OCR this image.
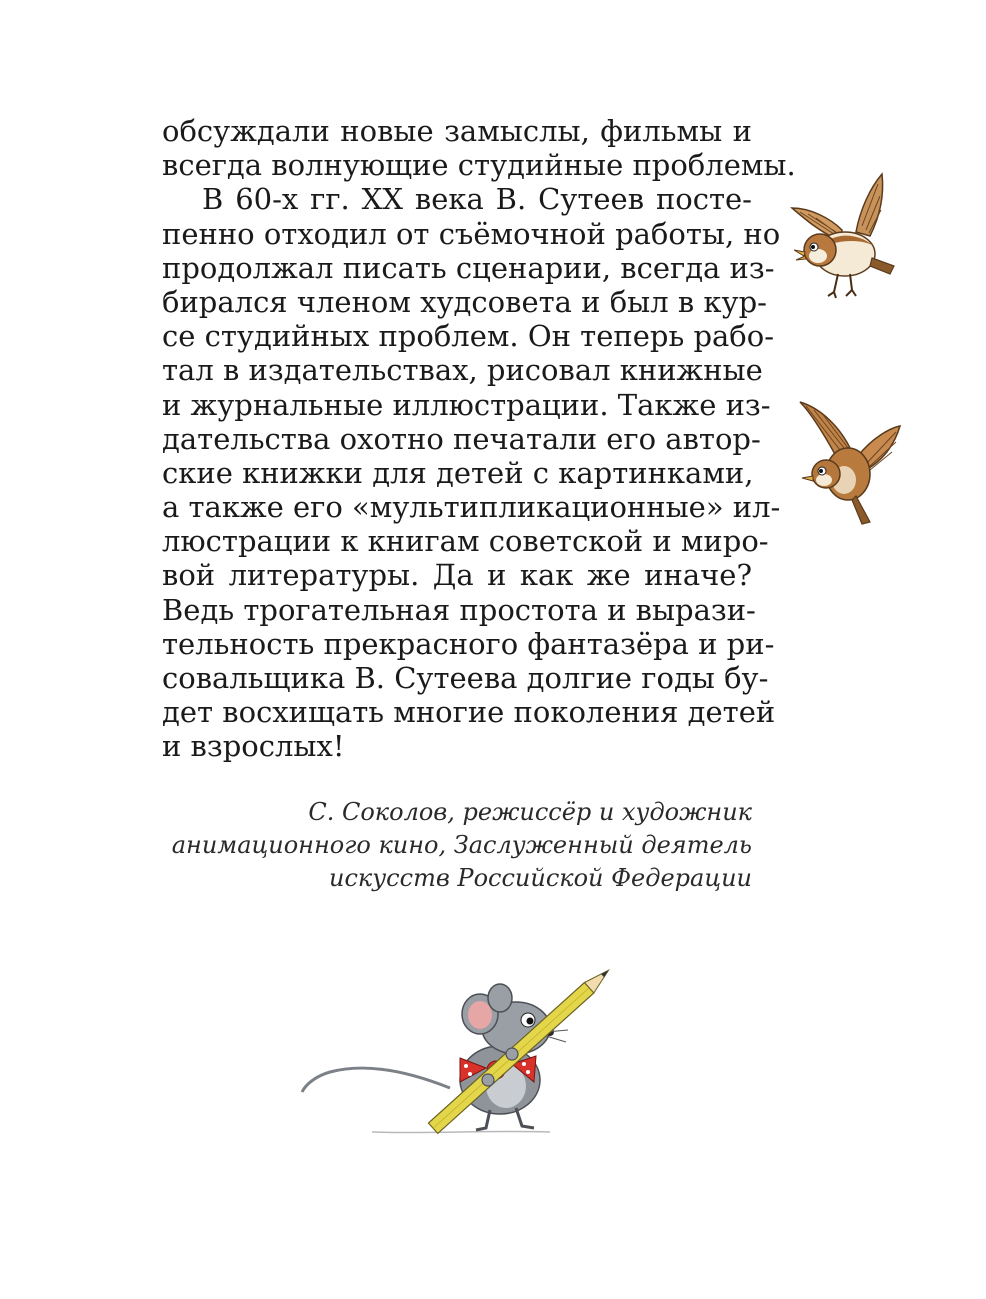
обсуждали новые замыслы, фильмы и
всегда волнующие студийные проблемы.
В 60-х гг. XX века В. Сутеев посте-
пенно отходил от съёмочной работы, но
продолжал писать сценарии, всегда из-
бирался членом худсовета и был в кур-
се студийных проблем. Он теперь рабо-
тал в издательствах, рисовал книжные
и журнальные иллюстрации. Также из-
дательства охотно печатали его автор-
ские книжки для детей с картинками,
а также его «мультипликационные» ил-
люстрации к книгам советской и миро-
вой литературы. Да и как же иначе?
Ведь трогательная простота и вырази-
тельность прекрасного фантазёра и ри-
совальщика В. Сутеева долгие годы бу-
дет восхищать многие поколения детей
и взрослых!
С. Соколов, режиссёр и художник
анимационного кино, Заслуженный деятель
искусств Российской Федерации
